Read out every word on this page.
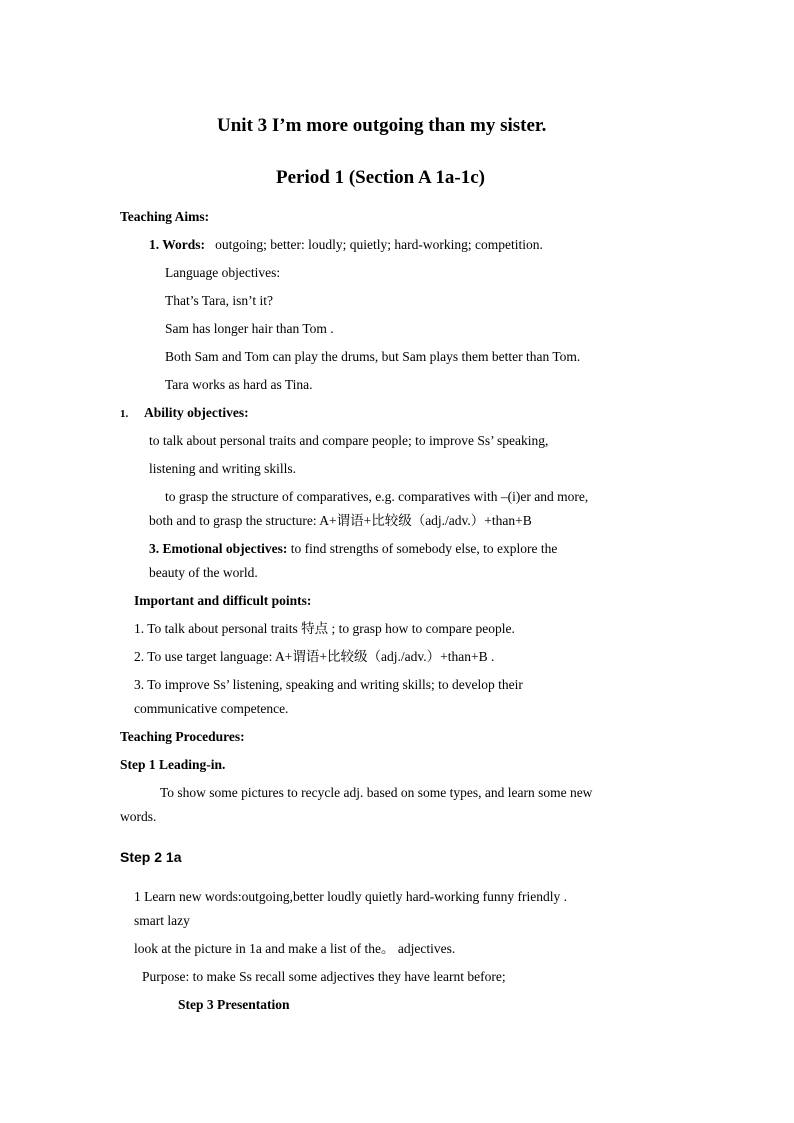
Unit 3 I’m more outgoing than my sister.
Period 1 (Section A 1a-1c)
Teaching Aims:
1. Words: outgoing; better: loudly; quietly; hard-working; competition.
Language objectives:
That’s Tara, isn’t it?
Sam has longer hair than Tom .
Both Sam and Tom can play the drums, but Sam plays them better than Tom.
Tara works as hard as Tina.
1. Ability objectives:
to talk about personal traits and compare people; to improve Ss’ speaking,
listening and writing skills.
to grasp the structure of comparatives, e.g. comparatives with –(i)er and more,
both and to grasp the structure: A+谓语+比较级（adj./adv.）+than+B
3. Emotional objectives: to find strengths of somebody else, to explore the
beauty of the world.
Important and difficult points:
1. To talk about personal traits 特点 ; to grasp how to compare people.
2. To use target language: A+谓语+比较级（adj./adv.）+than+B .
3. To improve Ss’ listening, speaking and writing skills; to develop their
communicative competence.
Teaching Procedures:
Step 1 Leading-in.
To show some pictures to recycle adj. based on some types, and learn some new
words.
Step 2 1a
1 Learn new words:outgoing,better loudly quietly hard-working funny friendly .
smart lazy
look at the picture in 1a and make a list of the。 adjectives.
Purpose: to make Ss recall some adjectives they have learnt before;
Step 3 Presentation
